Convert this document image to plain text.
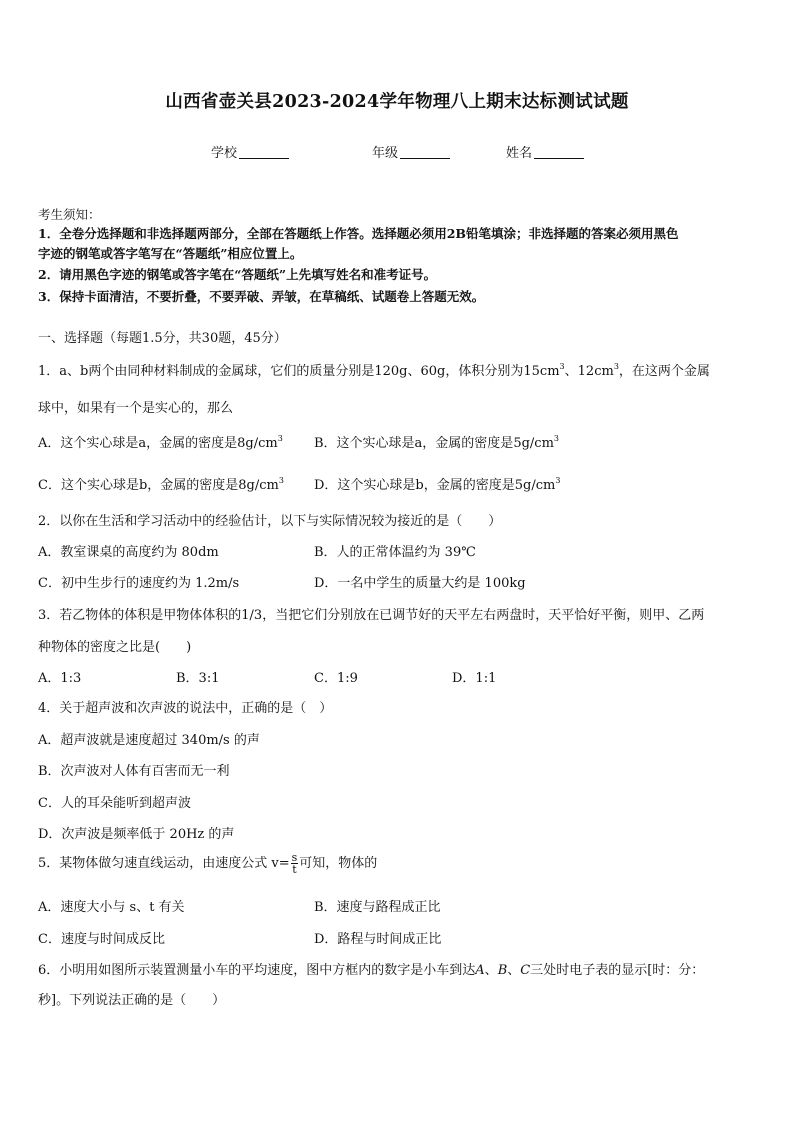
山西省壶关县2023-2024学年物理八上期末达标测试试题
学校	年级	姓名
考生须知：
1．全卷分选择题和非选择题两部分，全部在答题纸上作答。选择题必须用2B铅笔填涂；非选择题的答案必须用黑色
字迹的钢笔或答字笔写在“答题纸”相应位置上。
2．请用黑色字迹的钢笔或答字笔在“答题纸”上先填写姓名和准考证号。
3．保持卡面清洁，不要折叠，不要弄破、弄皱，在草稿纸、试题卷上答题无效。
一、选择题（每题1.5分，共30题，45分）
1．a、b两个由同种材料制成的金属球，它们的质量分别是120g、60g，体积分别为$15cm^3$、$12cm^3$，在这两个金属
球中，如果有一个是实心的，那么
A．这个实心球是a，金属的密度是$8g/cm^3$ B．这个实心球是a，金属的密度是$5g/cm^3$
C．这个实心球是b，金属的密度是$8g/cm^3$ D．这个实心球是b，金属的密度是$5g/cm^3$
2．以你在生活和学习活动中的经验估计，以下与实际情况较为接近的是（　　）
A．教室课桌的高度约为 80dm	B．人的正常体温约为 39℃
C．初中生步行的速度约为 1.2m/s	D．一名中学生的质量大约是 100kg
3．若乙物体的体积是甲物体体积的1/3，当把它们分别放在已调节好的天平左右两盘时，天平恰好平衡，则甲、乙两
种物体的密度之比是(　　)
A．1:3	B．3:1	C．1:9	D．1:1
4．关于超声波和次声波的说法中，正确的是（　）
A．超声波就是速度超过 340m/s 的声
B．次声波对人体有百害而无一利
C．人的耳朵能听到超声波
D．次声波是频率低于 20Hz 的声
5．某物体做匀速直线运动，由速度公式 $v= \frac{s}{t}$ 可知，物体的
A．速度大小与 s、t 有关	B．速度与路程成正比
C．速度与时间成反比	D．路程与时间成正比
6．小明用如图所示装置测量小车的平均速度，图中方框内的数字是小车到达A、B、C三处时电子表的显示[时：分：
秒]。下列说法正确的是（　　）
